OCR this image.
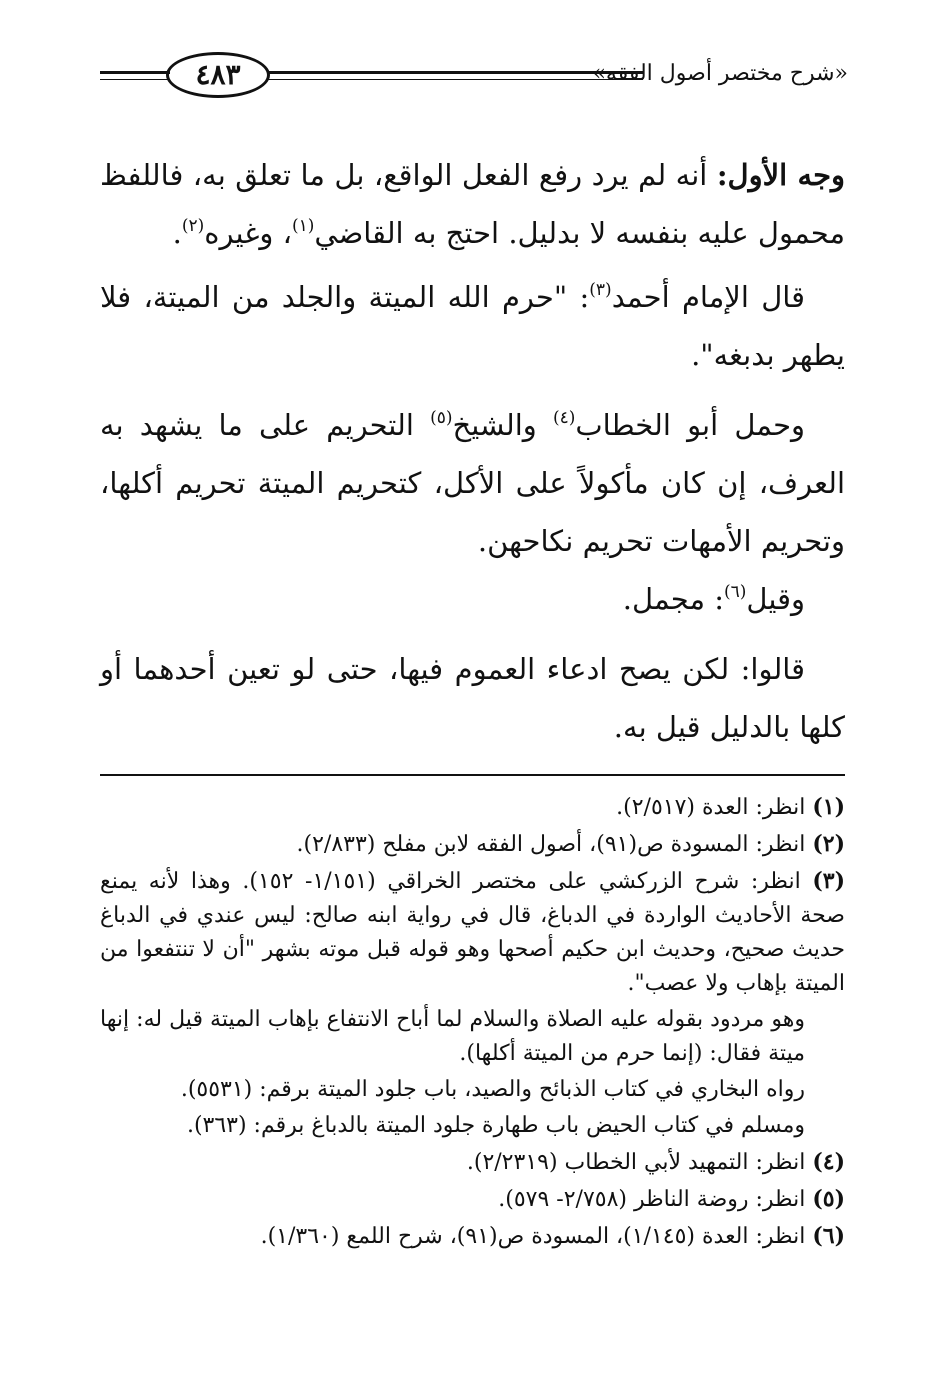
٤٨٣	«شرح مختصر أصول الفقه»

وجه الأول: أنه لم يرد رفع الفعل الواقع، بل ما تعلق به، فاللفظ محمول عليه بنفسه لا بدليل. احتج به القاضي$^{(١)}$، وغيره$^{(٢)}$.

قال الإمام أحمد$^{(٣)}$: "حرم الله الميتة والجلد من الميتة، فلا يطهر بدبغه".

وحمل أبو الخطاب$^{(٤)}$ والشيخ$^{(٥)}$ التحريم على ما يشهد به العرف، إن كان مأكولاً على الأكل، كتحريم الميتة تحريم أكلها، وتحريم الأمهات تحريم نكاحهن.

وقيل$^{(٦)}$: مجمل.

قالوا: لكن يصح ادعاء العموم فيها، حتى لو تعين أحدهما أو كلها بالدليل قيل به.

(١) انظر: العدة (٢/٥١٧).

(٢) انظر: المسودة ص(٩١)، أصول الفقه لابن مفلح (٢/٨٣٣).

(٣) انظر: شرح الزركشي على مختصر الخراقي (١/١٥١- ١٥٢). وهذا لأنه يمنع صحة الأحاديث الواردة في الدباغ، قال في رواية ابنه صالح: ليس عندي في الدباغ حديث صحيح، وحديث ابن حكيم أصحها وهو قوله قبل موته بشهر "أن لا تنتفعوا من الميتة بإهاب ولا عصب".

وهو مردود بقوله عليه الصلاة والسلام لما أباح الانتفاع بإهاب الميتة قيل له: إنها ميتة فقال: (إنما حرم من الميتة أكلها).

رواه البخاري في كتاب الذبائح والصيد، باب جلود الميتة برقم: (٥٥٣١).

ومسلم في كتاب الحيض باب طهارة جلود الميتة بالدباغ برقم: (٣٦٣).

(٤) انظر: التمهيد لأبي الخطاب (٢/٢٣١٩).

(٥) انظر: روضة الناظر (٢/٧٥٨- ٥٧٩).

(٦) انظر: العدة (١/١٤٥)، المسودة ص(٩١)، شرح اللمع (١/٣٦٠).
